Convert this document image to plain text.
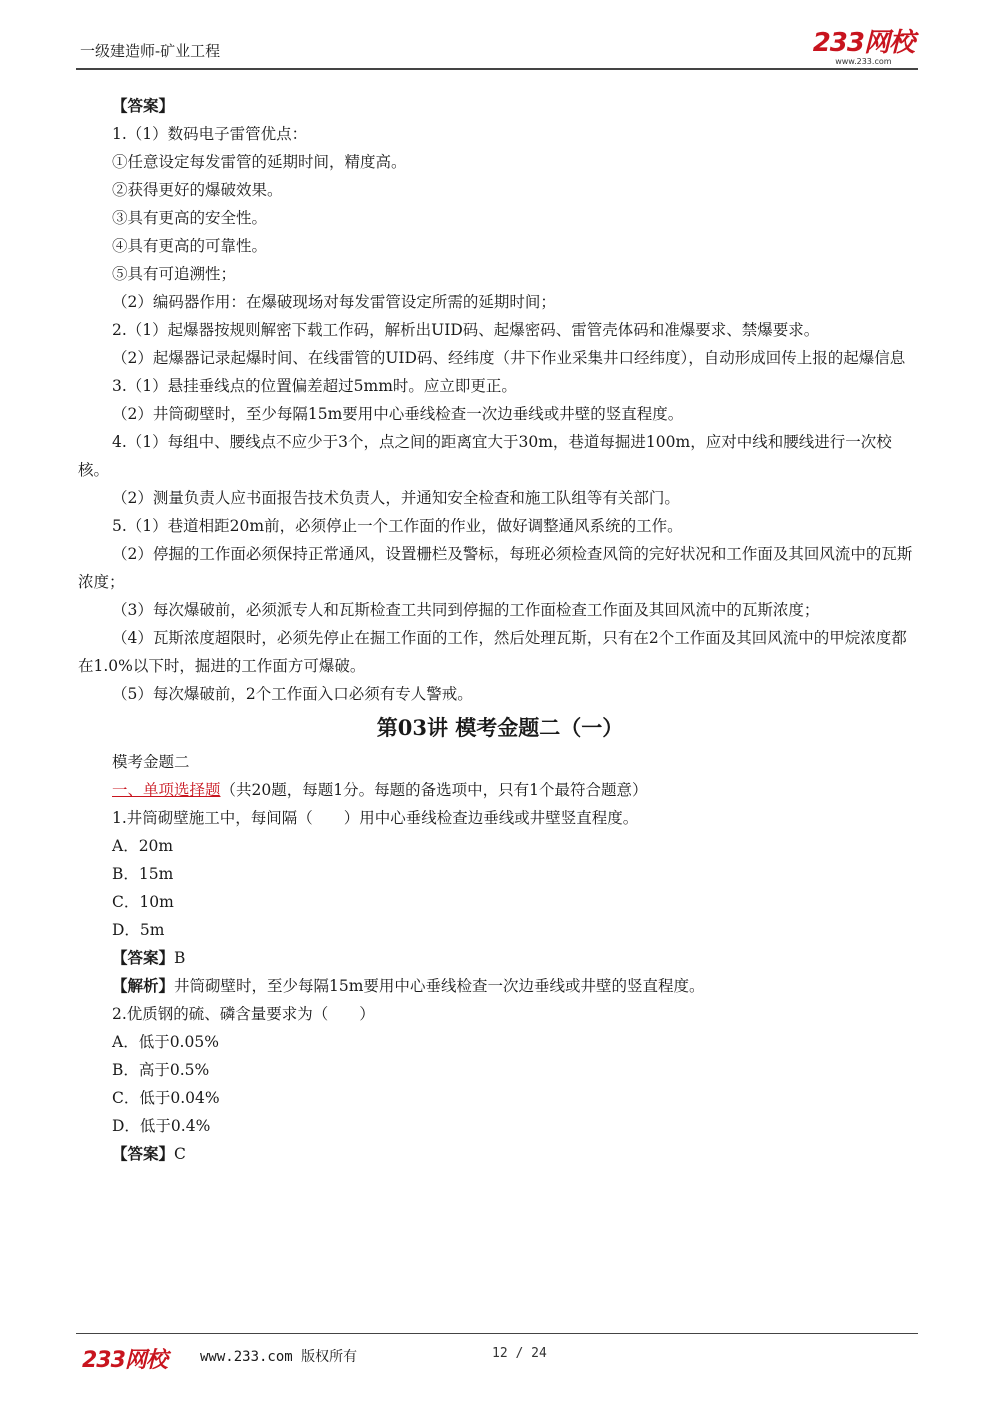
一级建造师-矿业工程	233网校
www.233.com

【答案】

1.（1）数码电子雷管优点：

①任意设定每发雷管的延期时间，精度高。

②获得更好的爆破效果。

③具有更高的安全性。

④具有更高的可靠性。

⑤具有可追溯性；

（2）编码器作用：在爆破现场对每发雷管设定所需的延期时间；

2.（1）起爆器按规则解密下载工作码，解析出UID码、起爆密码、雷管壳体码和准爆要求、禁爆要求。

（2）起爆器记录起爆时间、在线雷管的UID码、经纬度（井下作业采集井口经纬度），自动形成回传上报的起爆信息

3.（1）悬挂垂线点的位置偏差超过5mm时。应立即更正。

（2）井筒砌壁时，至少每隔15m要用中心垂线检查一次边垂线或井壁的竖直程度。

4.（1）每组中、腰线点不应少于3个，点之间的距离宜大于30m，巷道每掘进100m，应对中线和腰线进行一次校核。

（2）测量负责人应书面报告技术负责人，并通知安全检查和施工队组等有关部门。

5.（1）巷道相距20m前，必须停止一个工作面的作业，做好调整通风系统的工作。

（2）停掘的工作面必须保持正常通风，设置栅栏及警标，每班必须检查风筒的完好状况和工作面及其回风流中的瓦斯浓度；

（3）每次爆破前，必须派专人和瓦斯检查工共同到停掘的工作面检查工作面及其回风流中的瓦斯浓度；

（4）瓦斯浓度超限时，必须先停止在掘工作面的工作，然后处理瓦斯，只有在2个工作面及其回风流中的甲烷浓度都在1.0%以下时，掘进的工作面方可爆破。

（5）每次爆破前，2个工作面入口必须有专人警戒。

第03讲 模考金题二（一）

模考金题二

一、单项选择题（共20题，每题1分。每题的备选项中，只有1个最符合题意）

1.井筒砌壁施工中，每间隔（　　）用中心垂线检查边垂线或井壁竖直程度。

A．20m

B．15m

C．10m

D．5m

【答案】B

【解析】井筒砌壁时，至少每隔15m要用中心垂线检查一次边垂线或井壁的竖直程度。

2.优质钢的硫、磷含量要求为（　　）

A．低于0.05%

B．高于0.5%

C．低于0.04%

D．低于0.4%

【答案】C

233网校 www.233.com 版权所有	12 / 24
